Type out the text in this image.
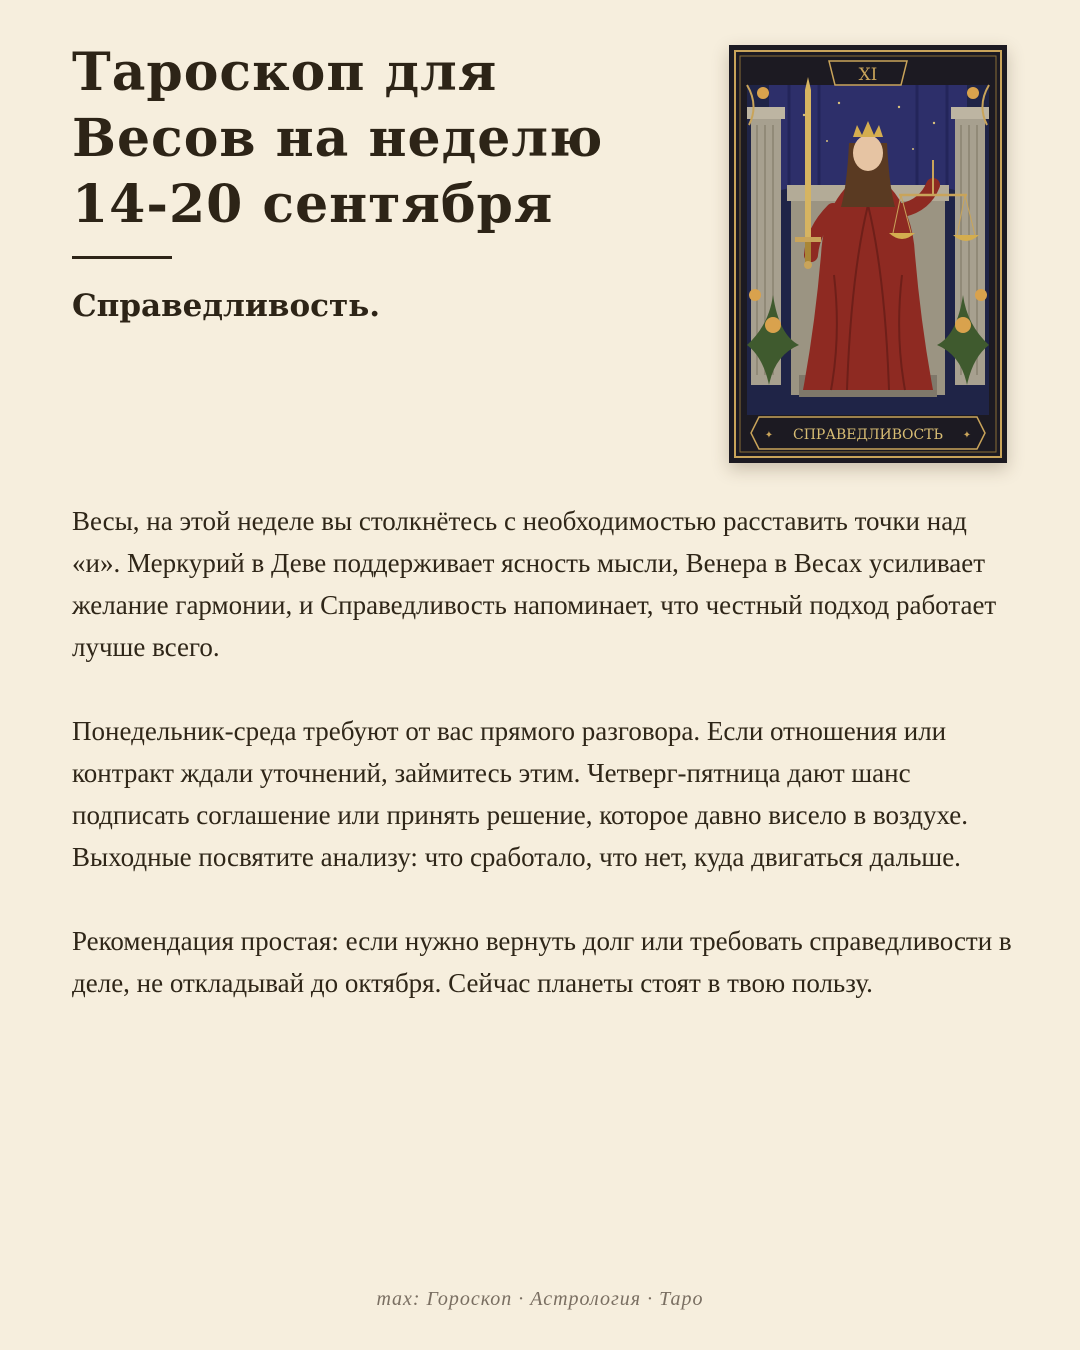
Тароскоп для Весов на неделю 14-20 сентября
Справедливость.
XI
✦ СПРАВЕДЛИВОСТЬ ✦

Весы, на этой неделе вы столкнётесь с необходимостью расставить точки над «и». Меркурий в Деве поддерживает ясность мысли, Венера в Весах усиливает желание гармонии, и Справедливость напоминает, что честный подход работает лучше всего.

Понедельник-среда требуют от вас прямого разговора. Если отношения или контракт ждали уточнений, займитесь этим. Четверг-пятница дают шанс подписать соглашение или принять решение, которое давно висело в воздухе. Выходные посвятите анализу: что сработало, что нет, куда двигаться дальше.

Рекомендация простая: если нужно вернуть долг или требовать справедливости в деле, не откладывай до октября. Сейчас планеты стоят в твою пользу.

max: Гороскоп · Астрология · Таро
